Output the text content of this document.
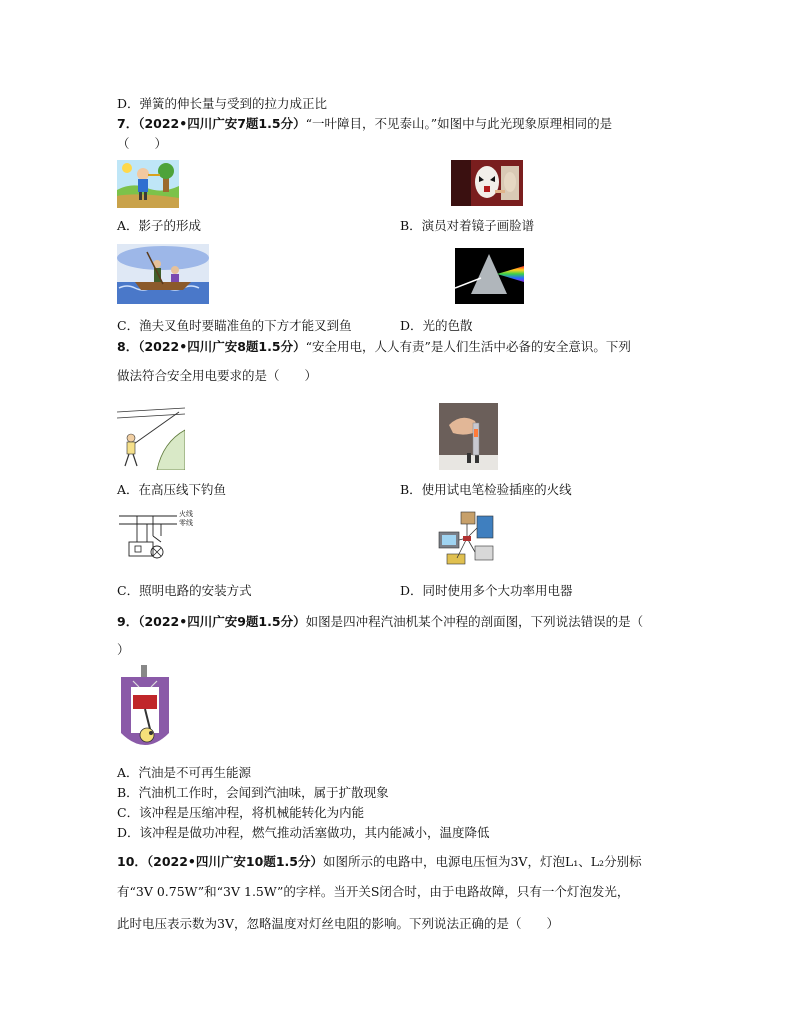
D．弹簧的伸长量与受到的拉力成正比
7．（2022•四川广安7题1.5分）“一叶障目，不见泰山。”如图中与此光现象原理相同的是
（　　）
A．影子的形成	B．演员对着镜子画脸谱
C．渔夫叉鱼时要瞄准鱼的下方才能叉到鱼	D．光的色散
8．（2022•四川广安8题1.5分）“安全用电，人人有责”是人们生活中必备的安全意识。下列
做法符合安全用电要求的是（　　）
A．在高压线下钓鱼	B．使用试电笔检验插座的火线
火线
零线
C．照明电路的安装方式	D．同时使用多个大功率用电器
9．（2022•四川广安9题1.5分）如图是四冲程汽油机某个冲程的剖面图，下列说法错误的是（
）
A．汽油是不可再生能源
B．汽油机工作时，会闻到汽油味，属于扩散现象
C．该冲程是压缩冲程，将机械能转化为内能
D．该冲程是做功冲程，燃气推动活塞做功，其内能减小，温度降低
10．（2022•四川广安10题1.5分）如图所示的电路中，电源电压恒为3V，灯泡L₁、L₂分别标
有“3V 0.75W”和“3V 1.5W”的字样。当开关S闭合时，由于电路故障，只有一个灯泡发光，
此时电压表示数为3V，忽略温度对灯丝电阻的影响。下列说法正确的是（　　）
